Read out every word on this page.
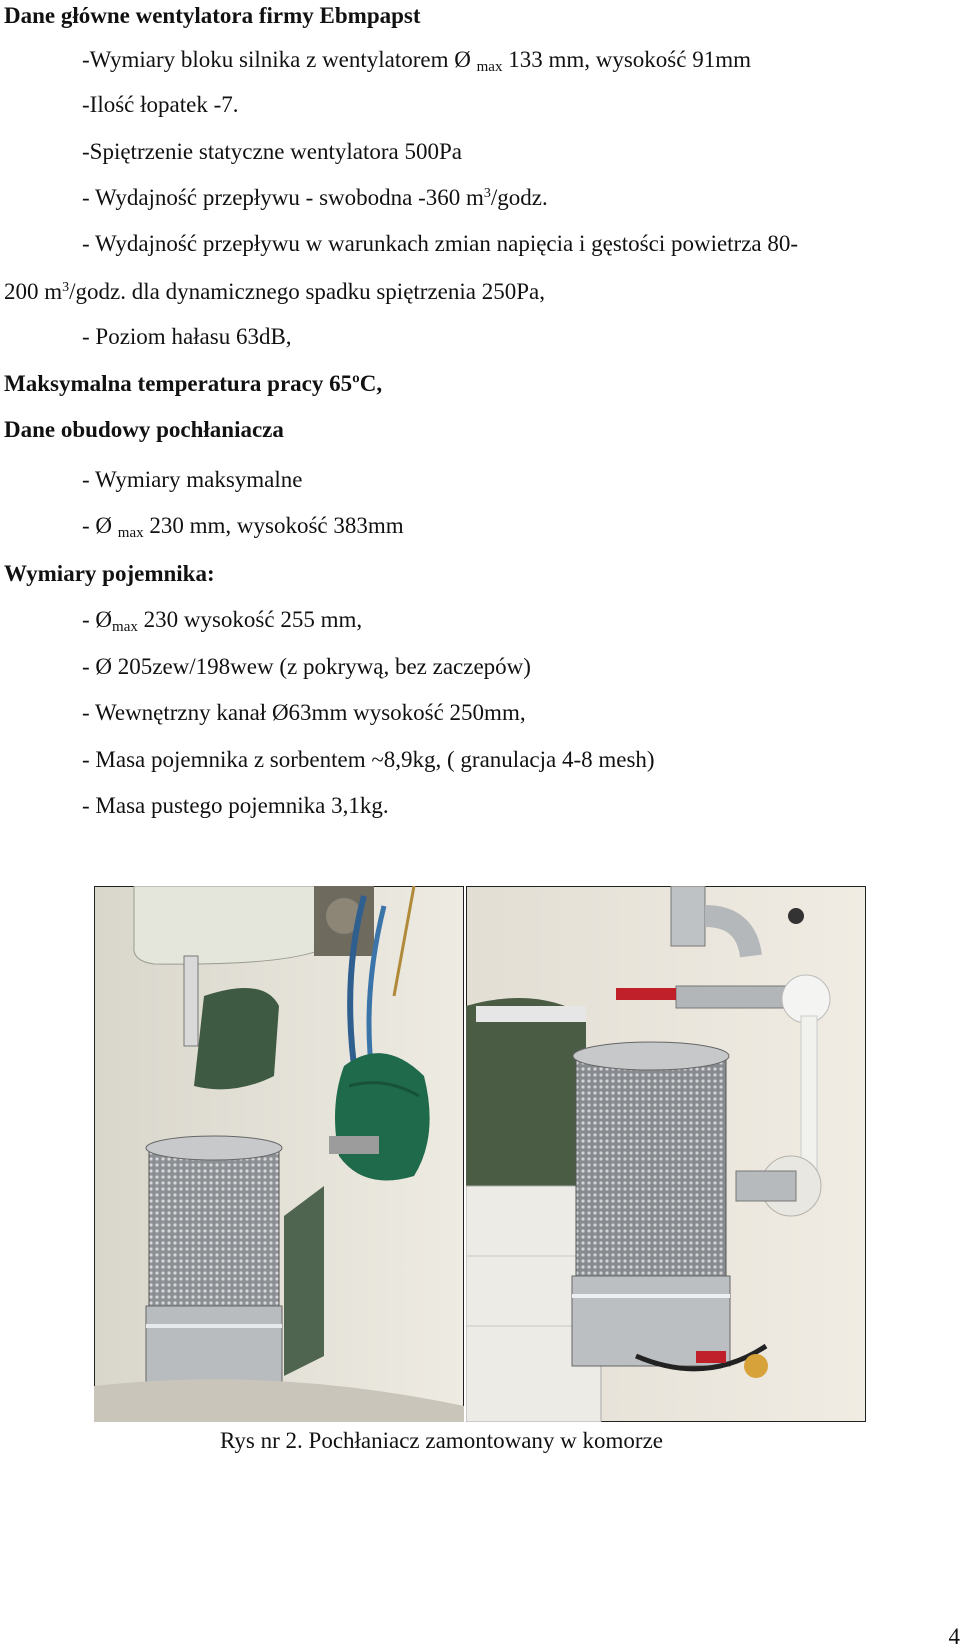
Dane główne wentylatora firmy Ebmpapst
-Wymiary bloku silnika z wentylatorem Ø $_{max}$ 133 mm, wysokość 91mm
-Ilość łopatek -7.
-Spiętrzenie statyczne wentylatora 500Pa
- Wydajność przepływu - swobodna -360 $m^3$/godz.
- Wydajność przepływu w warunkach zmian napięcia i gęstości powietrza 80-
200 $m^3$/godz. dla dynamicznego spadku spiętrzenia 250Pa,
- Poziom hałasu 63dB,
Maksymalna temperatura pracy 65ºC,
Dane obudowy pochłaniacza
- Wymiary maksymalne
- Ø $_{max}$ 230 mm, wysokość 383mm
Wymiary pojemnika:
- $Ø_{max}$ 230 wysokość 255 mm,
- Ø 205zew/198wew (z pokrywą, bez zaczepów)
- Wewnętrzny kanał Ø63mm wysokość 250mm,
- Masa pojemnika z sorbentem ~8,9kg, ( granulacja 4-8 mesh)
- Masa pustego pojemnika 3,1kg.
Rys nr 2. Pochłaniacz zamontowany w komorze
4
